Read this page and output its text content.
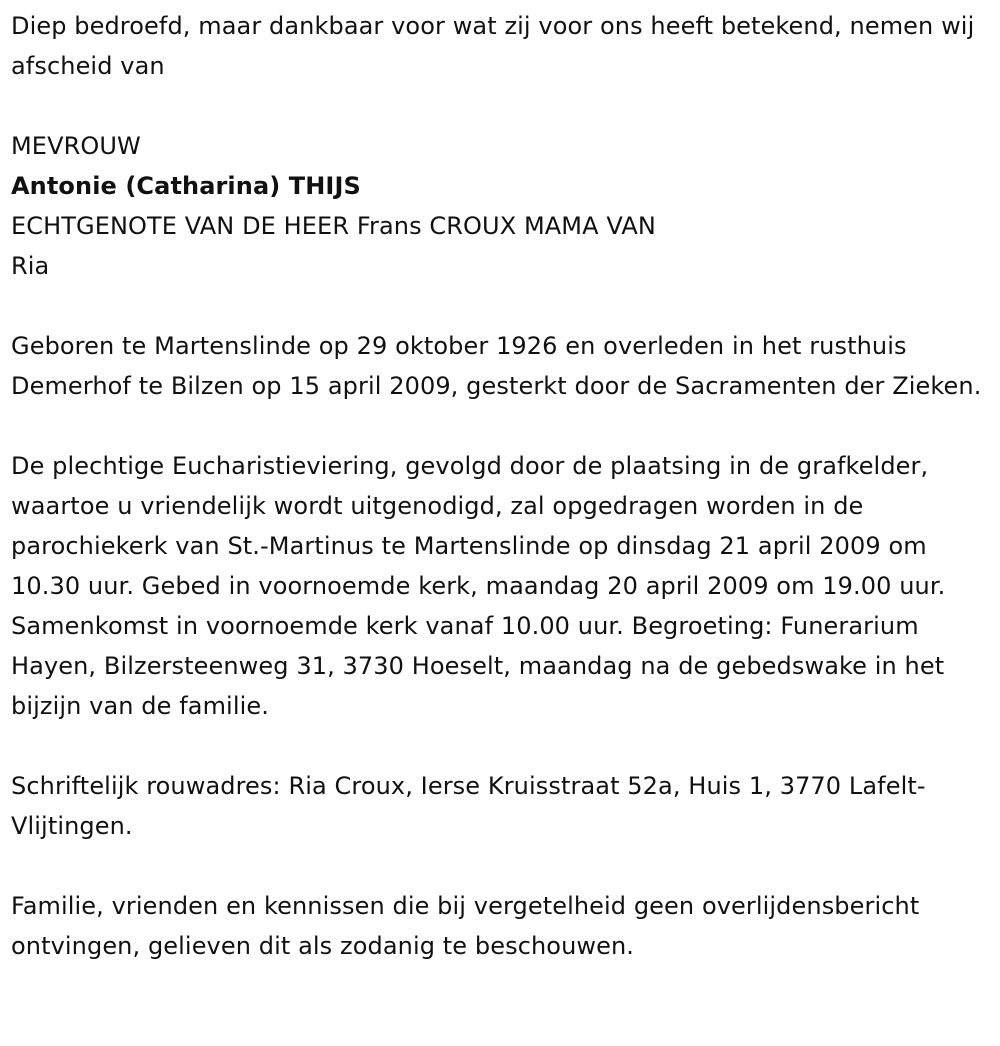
Diep bedroefd, maar dankbaar voor wat zij voor ons heeft betekend, nemen wij afscheid van

MEVROUW

Antonie (Catharina) THIJS

ECHTGENOTE VAN DE HEER Frans CROUX MAMA VAN

Ria

Geboren te Martenslinde op 29 oktober 1926 en overleden in het rusthuis Demerhof te Bilzen op 15 april 2009, gesterkt door de Sacramenten der Zieken.

De plechtige Eucharistieviering, gevolgd door de plaatsing in de grafkelder, waartoe u vriendelijk wordt uitgenodigd, zal opgedragen worden in de parochiekerk van St.-Martinus te Martenslinde op dinsdag 21 april 2009 om 10.30 uur. Gebed in voornoemde kerk, maandag 20 april 2009 om 19.00 uur. Samenkomst in voornoemde kerk vanaf 10.00 uur. Begroeting: Funerarium Hayen, Bilzersteenweg 31, 3730 Hoeselt, maandag na de gebedswake in het bijzijn van de familie.

Schriftelijk rouwadres: Ria Croux, Ierse Kruisstraat 52a, Huis 1, 3770 Lafelt-Vlijtingen.

Familie, vrienden en kennissen die bij vergetelheid geen overlijdensbericht ontvingen, gelieven dit als zodanig te beschouwen.
